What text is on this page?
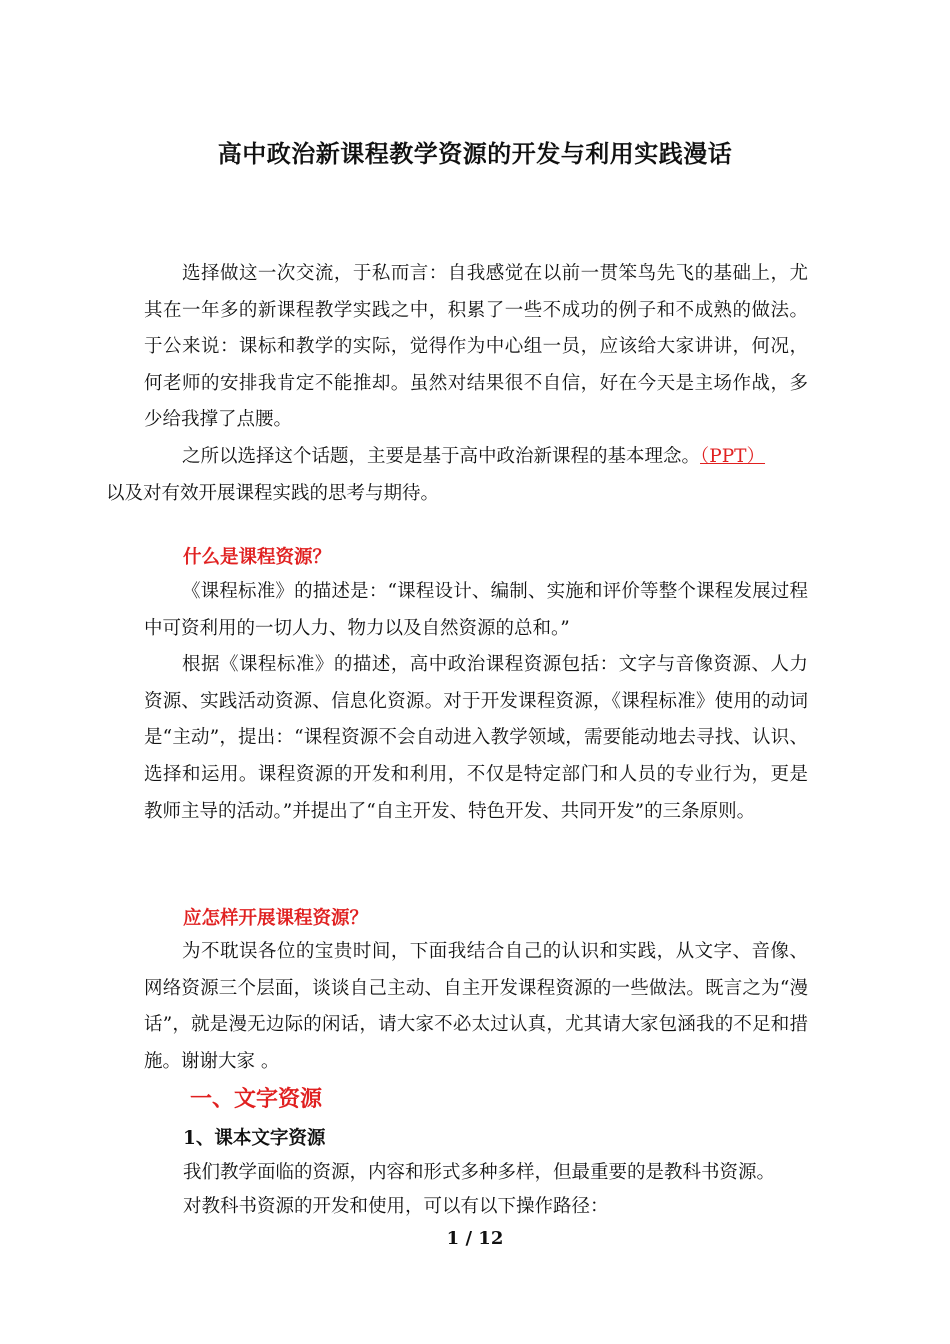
高中政治新课程教学资源的开发与利用实践漫话

选择做这一次交流，于私而言：自我感觉在以前一贯笨鸟先飞的基础上，尤其在一年多的新课程教学实践之中，积累了一些不成功的例子和不成熟的做法。于公来说：课标和教学的实际，觉得作为中心组一员，应该给大家讲讲，何况，何老师的安排我肯定不能推却。虽然对结果很不自信，好在今天是主场作战，多少给我撑了点腰。

之所以选择这个话题，主要是基于高中政治新课程的基本理念。（PPT）
以及对有效开展课程实践的思考与期待。

什么是课程资源？

《课程标准》的描述是：“课程设计、编制、实施和评价等整个课程发展过程中可资利用的一切人力、物力以及自然资源的总和。”

根据《课程标准》的描述，高中政治课程资源包括：文字与音像资源、人力资源、实践活动资源、信息化资源。对于开发课程资源，《课程标准》使用的动词是“主动”，提出：“课程资源不会自动进入教学领域，需要能动地去寻找、认识、选择和运用。课程资源的开发和利用，不仅是特定部门和人员的专业行为，更是教师主导的活动。”并提出了“自主开发、特色开发、共同开发”的三条原则。

应怎样开展课程资源？

为不耽误各位的宝贵时间，下面我结合自己的认识和实践，从文字、音像、网络资源三个层面，谈谈自己主动、自主开发课程资源的一些做法。既言之为“漫话”，就是漫无边际的闲话，请大家不必太过认真，尤其请大家包涵我的不足和措施。谢谢大家 。

一、文字资源
1、课本文字资源
我们教学面临的资源，内容和形式多种多样，但最重要的是教科书资源。
对教科书资源的开发和使用，可以有以下操作路径：
1 / 12
